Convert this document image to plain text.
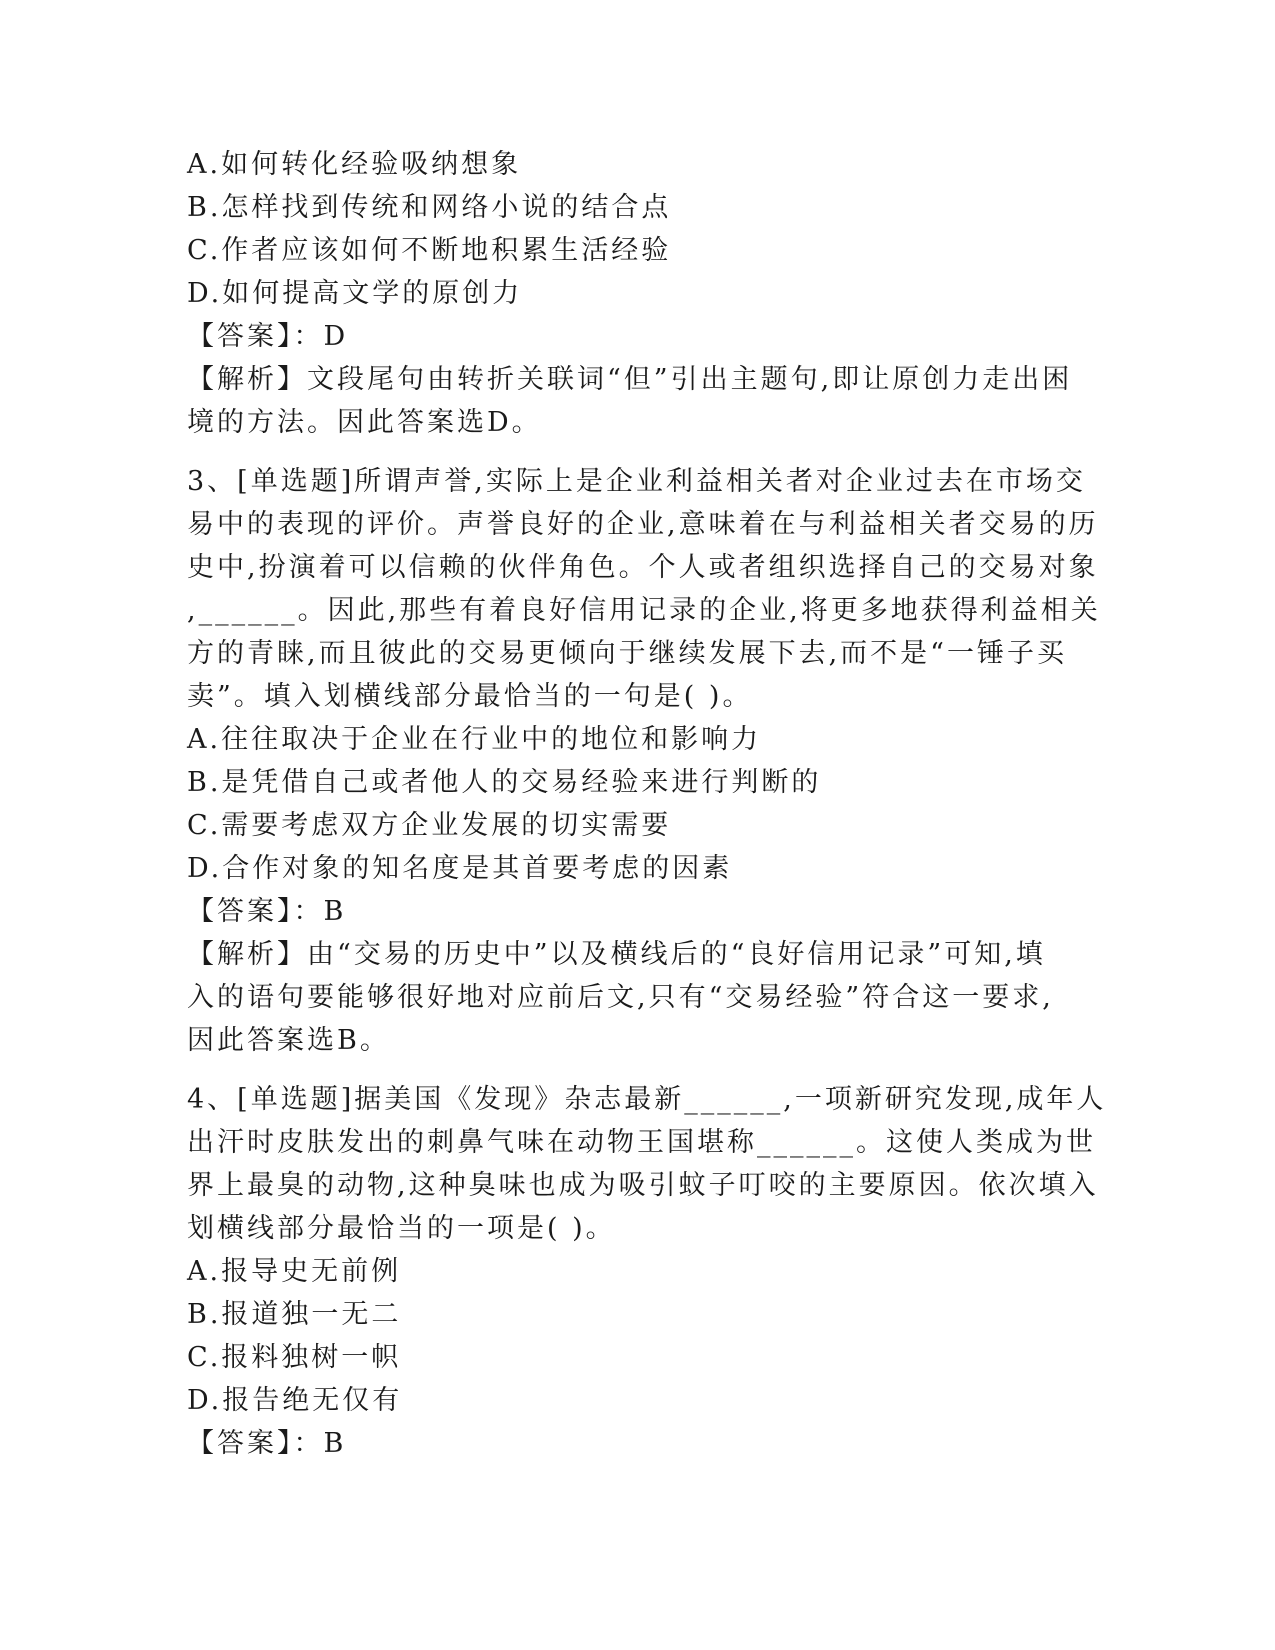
A.如何转化经验吸纳想象

B.怎样找到传统和网络小说的结合点

C.作者应该如何不断地积累生活经验

D.如何提高文学的原创力

【答案】：D

【解析】文段尾句由转折关联词“但”引出主题句,即让原创力走出困

境的方法。因此答案选D。

3、[单选题]所谓声誉,实际上是企业利益相关者对企业过去在市场交

易中的表现的评价。声誉良好的企业,意味着在与利益相关者交易的历

史中,扮演着可以信赖的伙伴角色。个人或者组织选择自己的交易对象

,______。因此,那些有着良好信用记录的企业,将更多地获得利益相关

方的青睐,而且彼此的交易更倾向于继续发展下去,而不是“一锤子买

卖”。填入划横线部分最恰当的一句是( )。

A.往往取决于企业在行业中的地位和影响力

B.是凭借自己或者他人的交易经验来进行判断的

C.需要考虑双方企业发展的切实需要

D.合作对象的知名度是其首要考虑的因素

【答案】：B

【解析】由“交易的历史中”以及横线后的“良好信用记录”可知,填

入的语句要能够很好地对应前后文,只有“交易经验”符合这一要求,

因此答案选B。

4、[单选题]据美国《发现》杂志最新______,一项新研究发现,成年人

出汗时皮肤发出的刺鼻气味在动物王国堪称______。这使人类成为世

界上最臭的动物,这种臭味也成为吸引蚊子叮咬的主要原因。依次填入

划横线部分最恰当的一项是( )。

A.报导史无前例

B.报道独一无二

C.报料独树一帜

D.报告绝无仅有

【答案】：B
